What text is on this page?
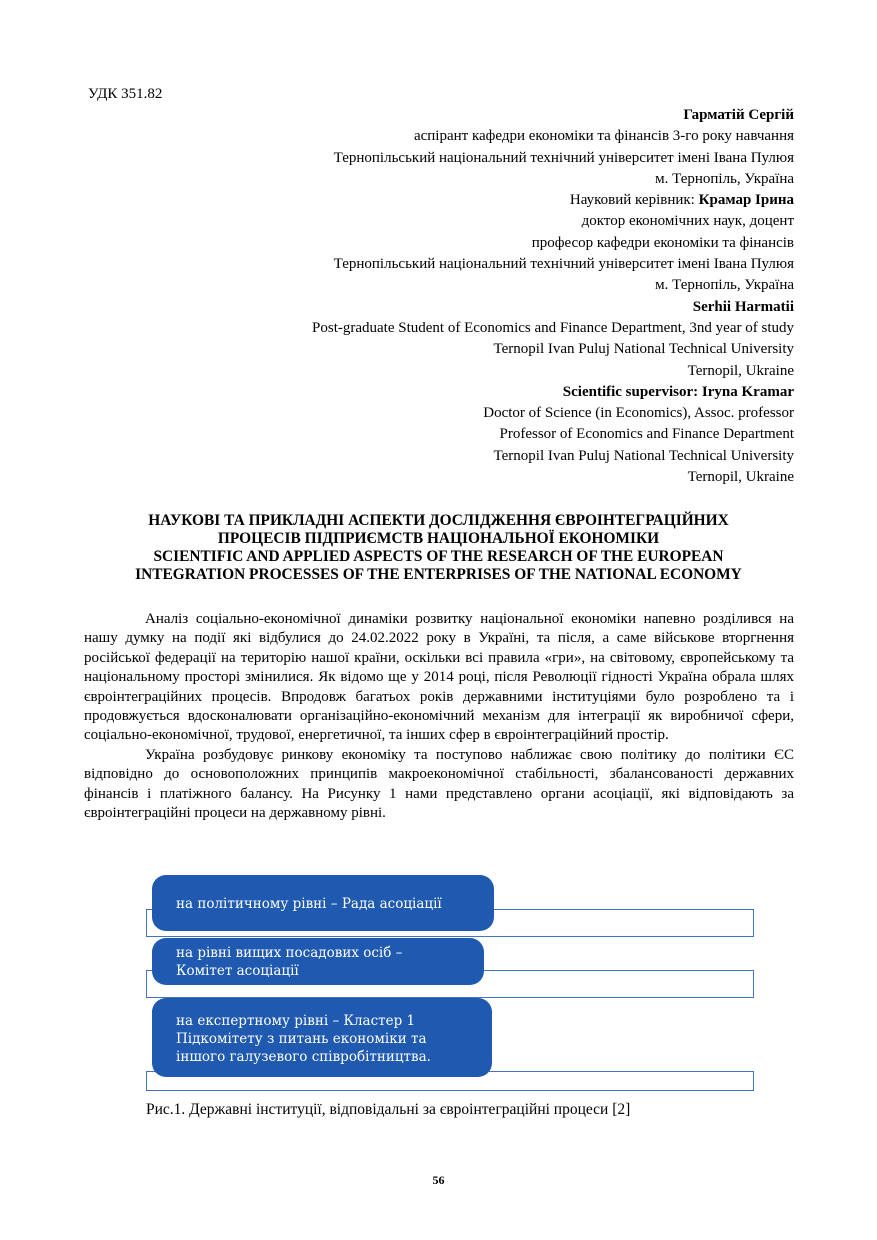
УДК 351.82
Гарматій Сергій
аспірант кафедри економіки та фінансів 3-го року навчання
Тернопільський національний технічний університет імені Івана Пулюя
м. Тернопіль, Україна
Науковий керівник: Крамар Ірина
доктор економічних наук, доцент
професор кафедри економіки та фінансів
Тернопільський національний технічний університет імені Івана Пулюя
м. Тернопіль, Україна
Serhii Harmatii
Post-graduate Student of Economics and Finance Department, 3nd year of study
Ternopil Ivan Puluj National Technical University
Ternopil, Ukraine
Scientific supervisor: Iryna Kramar
Doctor of Science (in Economics), Assoc. professor
Professor of Economics and Finance Department
Ternopil Ivan Puluj National Technical University
Ternopil, Ukraine
НАУКОВІ ТА ПРИКЛАДНІ АСПЕКТИ ДОСЛІДЖЕННЯ ЄВРОІНТЕГРАЦІЙНИХ
ПРОЦЕСІВ ПІДПРИЄМСТВ НАЦІОНАЛЬНОЇ ЕКОНОМІКИ
SCIENTIFIC AND APPLIED ASPECTS OF THE RESEARCH OF THE EUROPEAN
INTEGRATION PROCESSES OF THE ENTERPRISES OF THE NATIONAL ECONOMY

Аналіз соціально-економічної динаміки розвитку національної економіки напевно розділився на нашу думку на події які відбулися до 24.02.2022 року в Україні, та після, а саме військове вторгнення російської федерації на територію нашої країни, оскільки всі правила «гри», на світовому, європейському та національному просторі змінилися. Як відомо ще у 2014 році, після Революції гідності Україна обрала шлях євроінтеграційних процесів. Впродовж багатьох років державними інституціями було розроблено та і продовжується вдосконалювати організаційно-економічний механізм для інтеграції як виробничої сфери, соціально-економічної, трудової, енергетичної, та інших сфер в євроінтеграційний простір.

Україна розбудовує ринкову економіку та поступово наближає свою політику до політики ЄС відповідно до основоположних принципів макроекономічної стабільності, збалансованості державних фінансів і платіжного балансу. На Рисунку 1 нами представлено органи асоціації, які відповідають за євроінтеграційні процеси на державному рівні.

на політичному рівні – Рада асоціації
на рівні вищих посадових осіб –
Комітет асоціації
на експертному рівні – Кластер 1
Підкомітету з питань економіки та
іншого галузевого співробітництва.
Рис.1. Державні інституції, відповідальні за євроінтеграційні процеси [2]
56
